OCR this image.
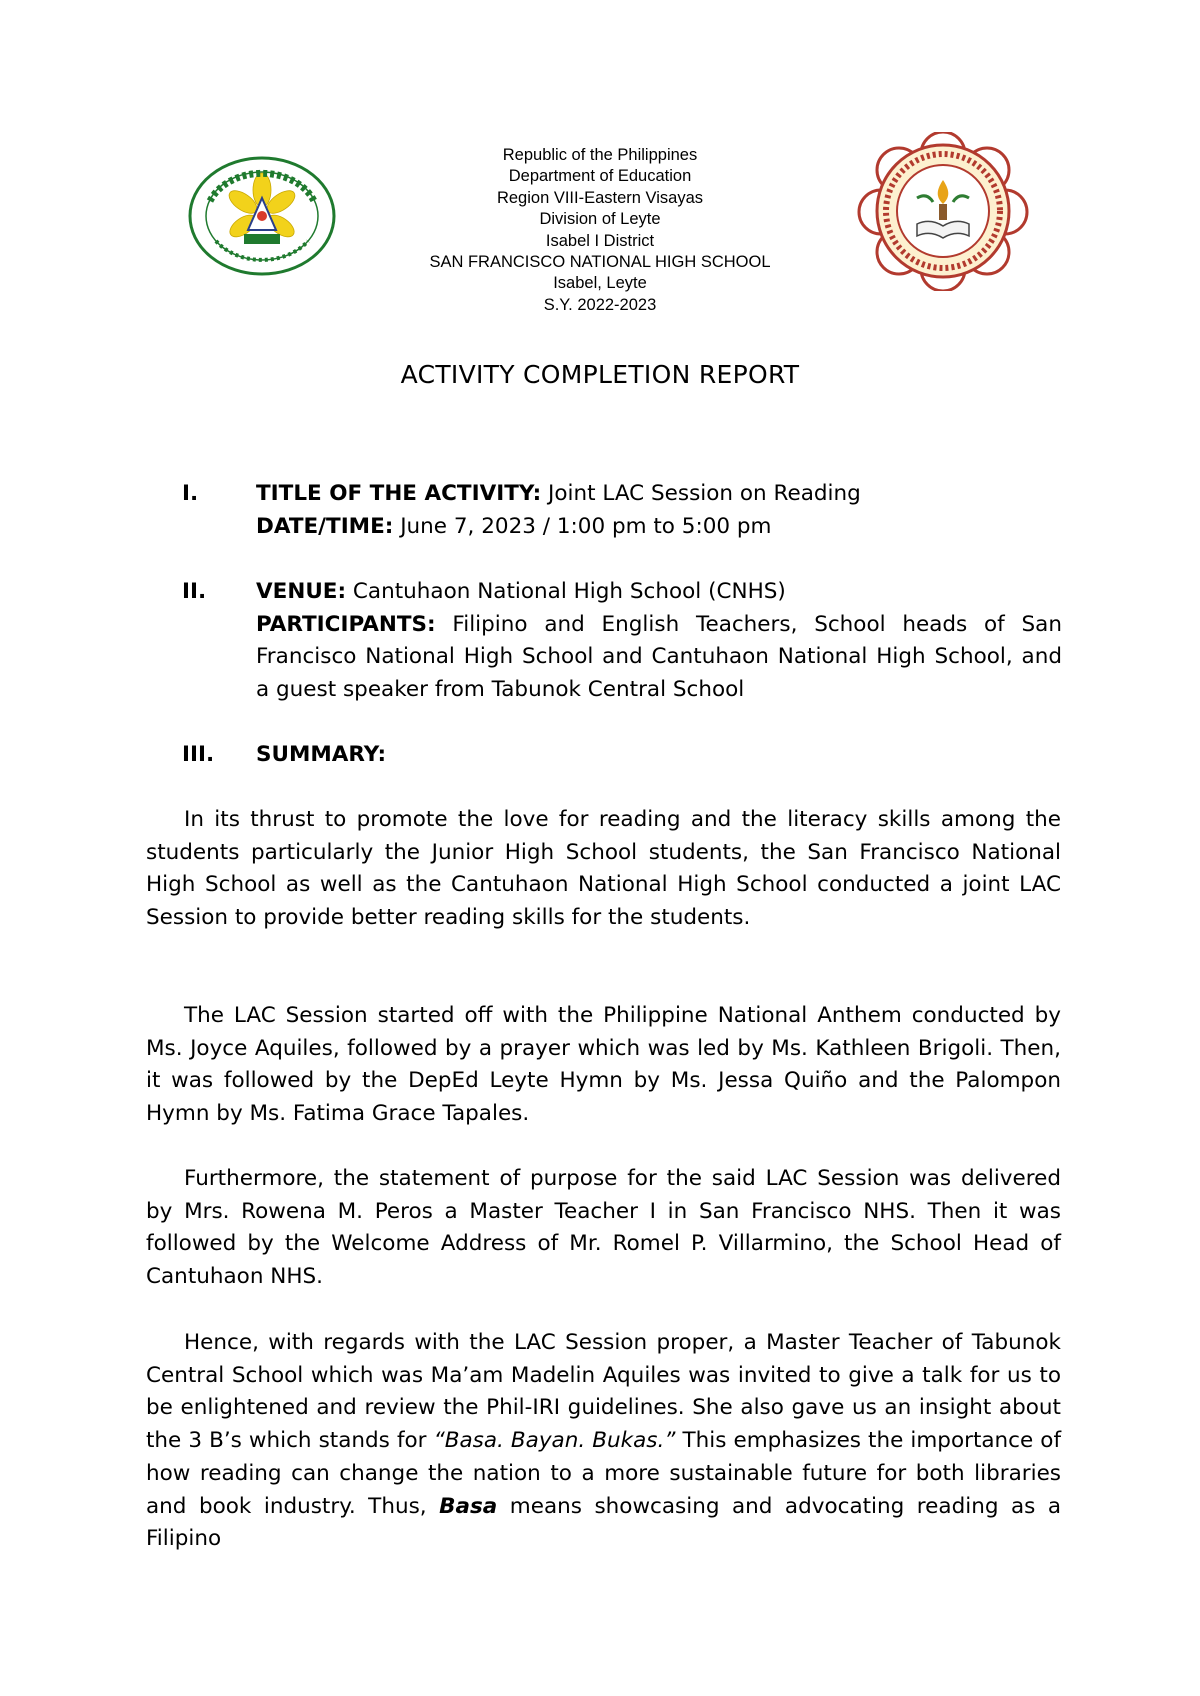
Republic of the Philippines
Department of Education
Region VIII-Eastern Visayas
Division of Leyte
Isabel I District
SAN FRANCISCO NATIONAL HIGH SCHOOL
Isabel, Leyte
S.Y. 2022-2023
ACTIVITY COMPLETION REPORT
I.	TITLE OF THE ACTIVITY: Joint LAC Session on Reading
DATE/TIME: June 7, 2023 / 1:00 pm to 5:00 pm
II. VENUE: Cantuhaon National High School (CNHS)
PARTICIPANTS: Filipino and English Teachers, School heads of San Francisco National High School and Cantuhaon National High School, and a guest speaker from Tabunok Central School
III. SUMMARY:
In its thrust to promote the love for reading and the literacy skills among the students particularly the Junior High School students, the San Francisco National High School as well as the Cantuhaon National High School conducted a joint LAC Session to provide better reading skills for the students.
The LAC Session started off with the Philippine National Anthem conducted by Ms. Joyce Aquiles, followed by a prayer which was led by Ms. Kathleen Brigoli. Then, it was followed by the DepEd Leyte Hymn by Ms. Jessa Quiño and the Palompon Hymn by Ms. Fatima Grace Tapales.
Furthermore, the statement of purpose for the said LAC Session was delivered by Mrs. Rowena M. Peros a Master Teacher I in San Francisco NHS. Then it was followed by the Welcome Address of Mr. Romel P. Villarmino, the School Head of Cantuhaon NHS.
Hence, with regards with the LAC Session proper, a Master Teacher of Tabunok Central School which was Ma’am Madelin Aquiles was invited to give a talk for us to be enlightened and review the Phil-IRI guidelines. She also gave us an insight about the 3 B’s which stands for “Basa. Bayan. Bukas.” This emphasizes the importance of how reading can change the nation to a more sustainable future for both libraries and book industry. Thus, Basa means showcasing and advocating reading as a Filipino
